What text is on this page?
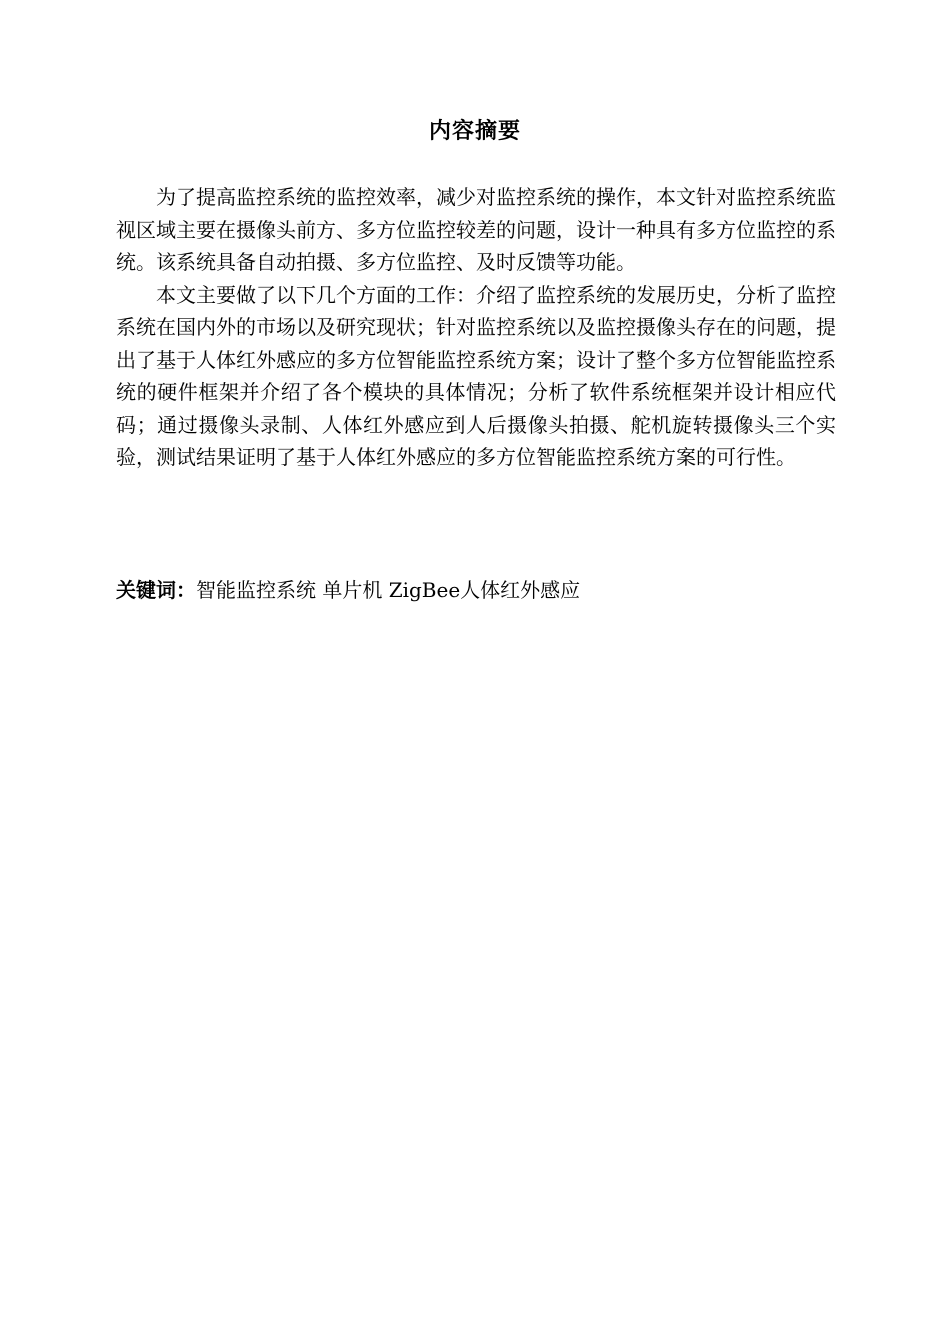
内容摘要

为了提高监控系统的监控效率，减少对监控系统的操作，本文针对监控系统监视区域主要在摄像头前方、多方位监控较差的问题，设计一种具有多方位监控的系统。该系统具备自动拍摄、多方位监控、及时反馈等功能。

本文主要做了以下几个方面的工作：介绍了监控系统的发展历史，分析了监控系统在国内外的市场以及研究现状；针对监控系统以及监控摄像头存在的问题，提出了基于人体红外感应的多方位智能监控系统方案；设计了整个多方位智能监控系统的硬件框架并介绍了各个模块的具体情况；分析了软件系统框架并设计相应代码；通过摄像头录制、人体红外感应到人后摄像头拍摄、舵机旋转摄像头三个实验，测试结果证明了基于人体红外感应的多方位智能监控系统方案的可行性。

关键词：智能监控系统 单片机 ZigBee人体红外感应
